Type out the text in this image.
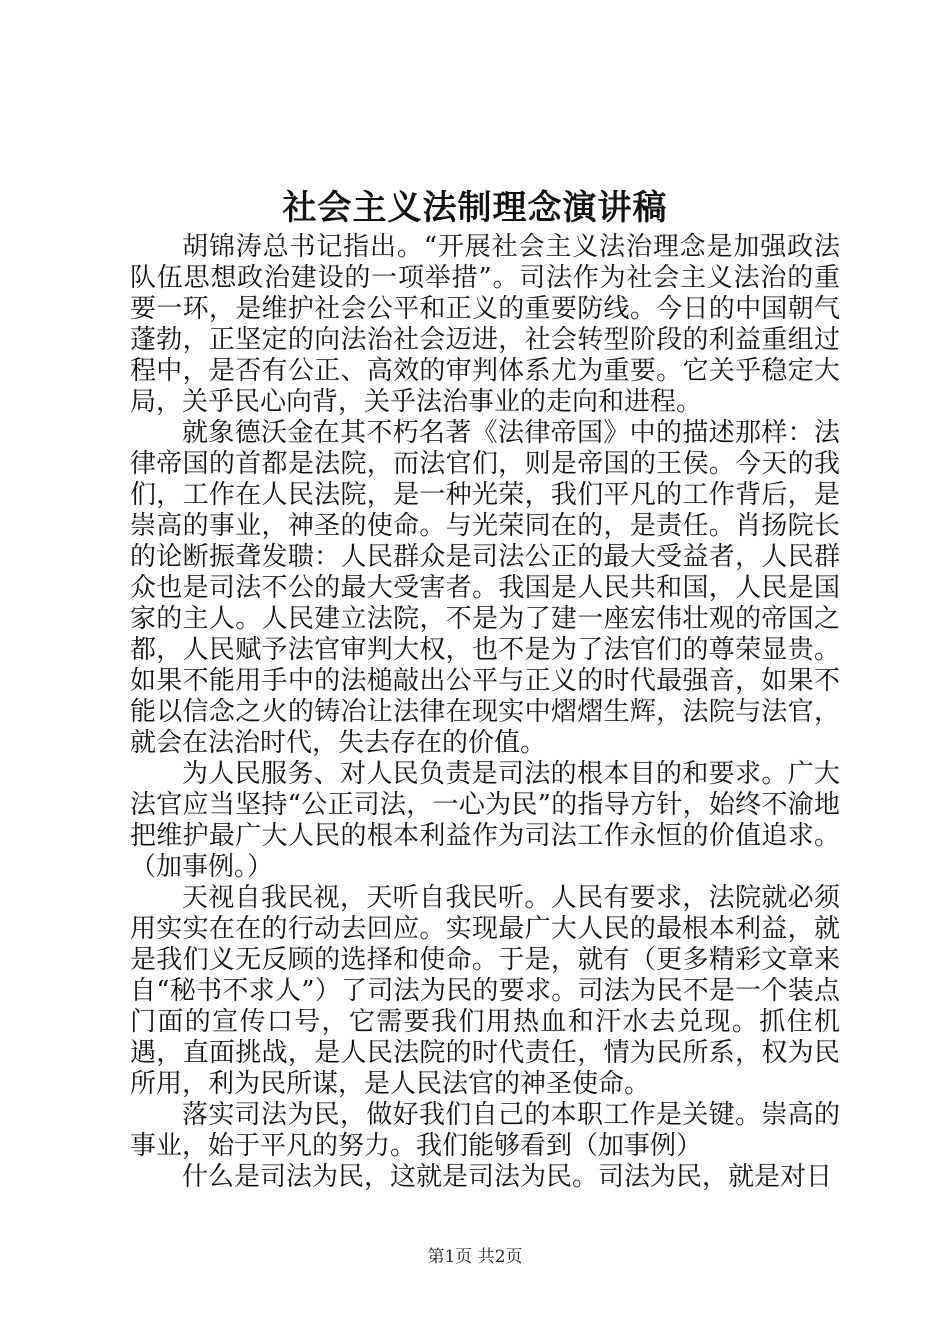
社会主义法制理念演讲稿

胡锦涛总书记指出。“开展社会主义法治理念是加强政法队伍思想政治建设的一项举措”。司法作为社会主义法治的重要一环，是维护社会公平和正义的重要防线。今日的中国朝气蓬勃，正坚定的向法治社会迈进，社会转型阶段的利益重组过程中，是否有公正、高效的审判体系尤为重要。它关乎稳定大局，关乎民心向背，关乎法治事业的走向和进程。

就象德沃金在其不朽名著《法律帝国》中的描述那样：法律帝国的首都是法院，而法官们，则是帝国的王侯。今天的我们，工作在人民法院，是一种光荣，我们平凡的工作背后，是崇高的事业，神圣的使命。与光荣同在的，是责任。肖扬院长的论断振聋发聩：人民群众是司法公正的最大受益者，人民群众也是司法不公的最大受害者。我国是人民共和国，人民是国家的主人。人民建立法院，不是为了建一座宏伟壮观的帝国之都，人民赋予法官审判大权，也不是为了法官们的尊荣显贵。如果不能用手中的法槌敲出公平与正义的时代最强音，如果不能以信念之火的铸冶让法律在现实中熠熠生辉，法院与法官，就会在法治时代，失去存在的价值。

为人民服务、对人民负责是司法的根本目的和要求。广大法官应当坚持“公正司法，一心为民”的指导方针，始终不渝地把维护最广大人民的根本利益作为司法工作永恒的价值追求。（加事例。）

天视自我民视，天听自我民听。人民有要求，法院就必须用实实在在的行动去回应。实现最广大人民的最根本利益，就是我们义无反顾的选择和使命。于是，就有（更多精彩文章来自“秘书不求人”）了司法为民的要求。司法为民不是一个装点门面的宣传口号，它需要我们用热血和汗水去兑现。抓住机遇，直面挑战，是人民法院的时代责任，情为民所系，权为民所用，利为民所谋，是人民法官的神圣使命。

落实司法为民，做好我们自己的本职工作是关键。崇高的事业，始于平凡的努力。我们能够看到（加事例）

什么是司法为民，这就是司法为民。司法为民，就是对日

第1页 共2页
